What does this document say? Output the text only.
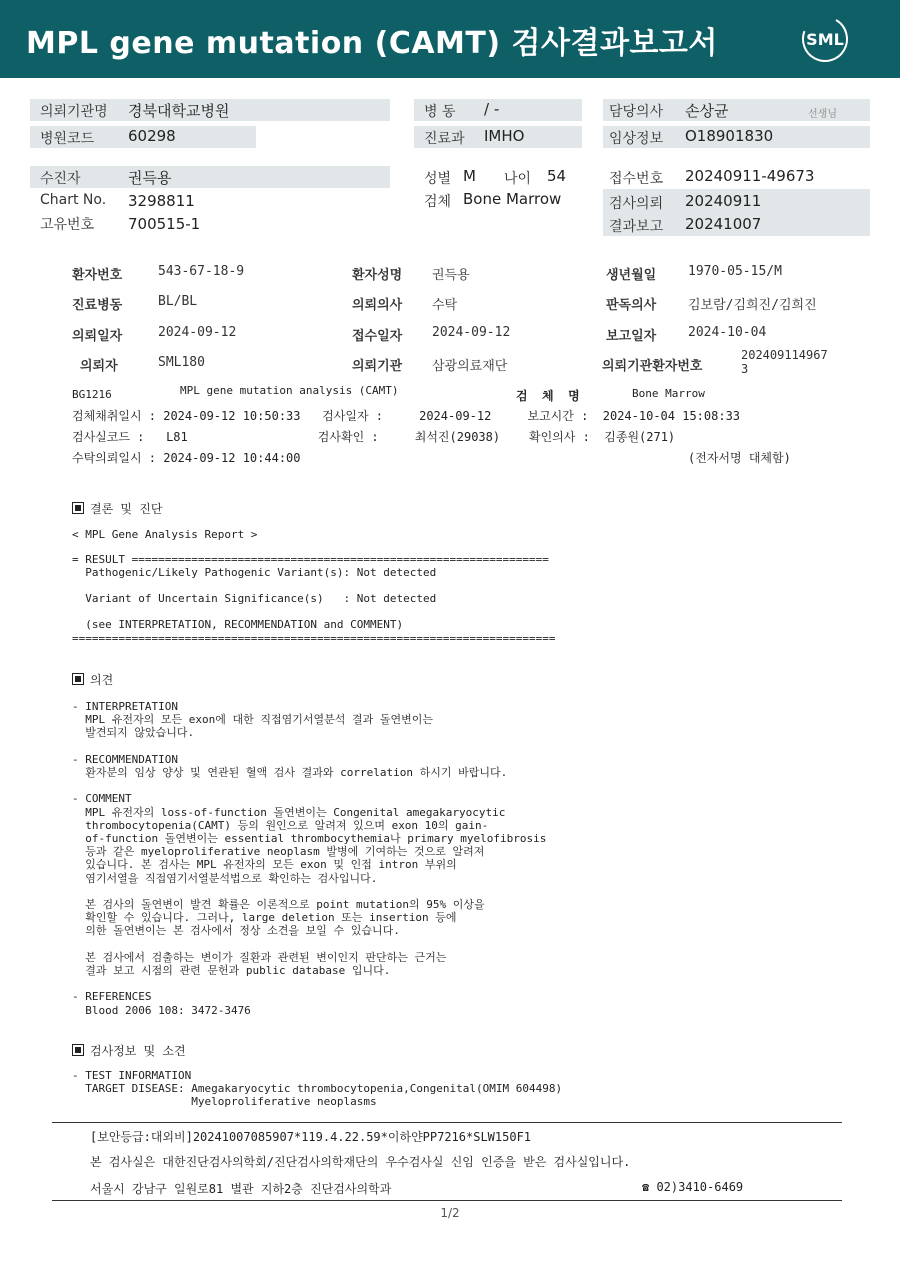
MPL gene mutation (CAMT) 검사결과보고서	SML
의뢰기관명 경북대학교병원
병원코드 60298
병 동 / -
진료과 IMHO
담당의사 손상균	선생님
임상정보 O18901830
수진자	권득용
Chart No. 3298811
고유번호 700515-1
성별 M 나이 54
검체 Bone Marrow
접수번호 20240911-49673
검사의뢰 20240911
결과보고 20241007
환자번호	543-67-18-9	환자성명 권득용	생년월일 1970-05-15/M
진료병동	BL/BL	의뢰의사 수탁	판독의사 김보람/김희진/김희진
의뢰일자	2024-09-12	접수일자 2024-09-12	보고일자 2024-10-04
의뢰자	SML180	의뢰기관 삼광의료재단	의뢰기관환자번호
202409114967
3
BG1216	MPL gene mutation analysis (CAMT)	검  체  명	Bone Marrow
검체채취일시 : 2024-09-12 10:50:33   검사일자 :     2024-09-12     보고시간 :  2024-10-04 15:08:33
검사실코드 :   L81                  검사확인 :     최석진(29038)    확인의사 :  김종원(271)
수탁의뢰일시 : 2024-09-12 10:44:00	(전자서명 대체함)
결론 및 진단
< MPL Gene Analysis Report >
= RESULT ===============================================================
Pathogenic/Likely Pathogenic Variant(s): Not detected

Variant of Uncertain Significance(s)   : Not detected

(see INTERPRETATION, RECOMMENDATION and COMMENT)
=========================================================================
의견
- INTERPRETATION
MPL 유전자의 모든 exon에 대한 직접염기서열분석 결과 돌연변이는
발견되지 않았습니다.

- RECOMMENDATION
환자분의 임상 양상 및 연관된 혈액 검사 결과와 correlation 하시기 바랍니다.

- COMMENT
MPL 유전자의 loss-of-function 돌연변이는 Congenital amegakaryocytic
thrombocytopenia(CAMT) 등의 원인으로 알려져 있으며 exon 10의 gain-
of-function 돌연변이는 essential thrombocythemia나 primary myelofibrosis
등과 같은 myeloproliferative neoplasm 발병에 기여하는 것으로 알려져
있습니다. 본 검사는 MPL 유전자의 모든 exon 및 인접 intron 부위의
염기서열을 직접염기서열분석법으로 확인하는 검사입니다.

본 검사의 돌연변이 발견 확률은 이론적으로 point mutation의 95% 이상을
확인할 수 있습니다. 그러나, large deletion 또는 insertion 등에
의한 돌연변이는 본 검사에서 정상 소견을 보일 수 있습니다.

본 검사에서 검출하는 변이가 질환과 관련된 변이인지 판단하는 근거는
결과 보고 시점의 관련 문헌과 public database 입니다.

- REFERENCES
Blood 2006 108: 3472-3476
검사정보 및 소견
- TEST INFORMATION
TARGET DISEASE: Amegakaryocytic thrombocytopenia,Congenital(OMIM 604498)
Myeloproliferative neoplasms
[보안등급:대외비]20241007085907*119.4.22.59*이하얀PP7216*SLW150F1
본 검사실은 대한진단검사의학회/진단검사의학재단의 우수검사실 신임 인증을 받은 검사실입니다.
서울시 강남구 일원로81 별관 지하2층 진단검사의학과	☎ 02)3410-6469
1/2
